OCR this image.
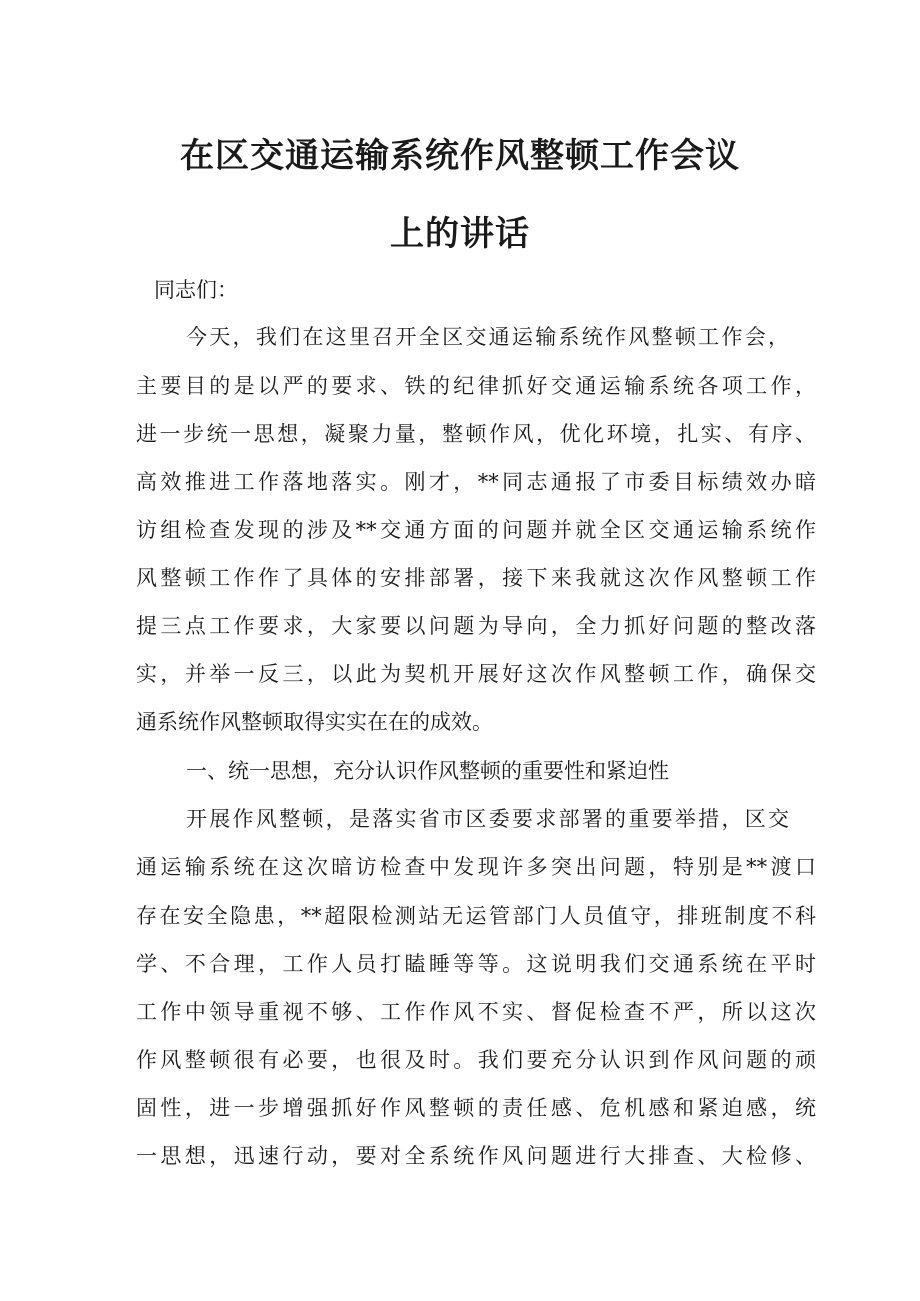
在区交通运输系统作风整顿工作会议
上的讲话
同志们：
今天，我们在这里召开全区交通运输系统作风整顿工作会，
主要目的是以严的要求、铁的纪律抓好交通运输系统各项工作，
进一步统一思想，凝聚力量，整顿作风，优化环境，扎实、有序、
高效推进工作落地落实。刚才，**同志通报了市委目标绩效办暗
访组检查发现的涉及**交通方面的问题并就全区交通运输系统作
风整顿工作作了具体的安排部署，接下来我就这次作风整顿工作
提三点工作要求，大家要以问题为导向，全力抓好问题的整改落
实，并举一反三，以此为契机开展好这次作风整顿工作，确保交
通系统作风整顿取得实实在在的成效。
一、统一思想，充分认识作风整顿的重要性和紧迫性
开展作风整顿，是落实省市区委要求部署的重要举措，区交
通运输系统在这次暗访检查中发现许多突出问题，特别是**渡口
存在安全隐患，**超限检测站无运管部门人员值守，排班制度不科
学、不合理，工作人员打瞌睡等等。这说明我们交通系统在平时
工作中领导重视不够、工作作风不实、督促检查不严，所以这次
作风整顿很有必要，也很及时。我们要充分认识到作风问题的顽
固性，进一步增强抓好作风整顿的责任感、危机感和紧迫感，统
一思想，迅速行动，要对全系统作风问题进行大排查、大检修、
